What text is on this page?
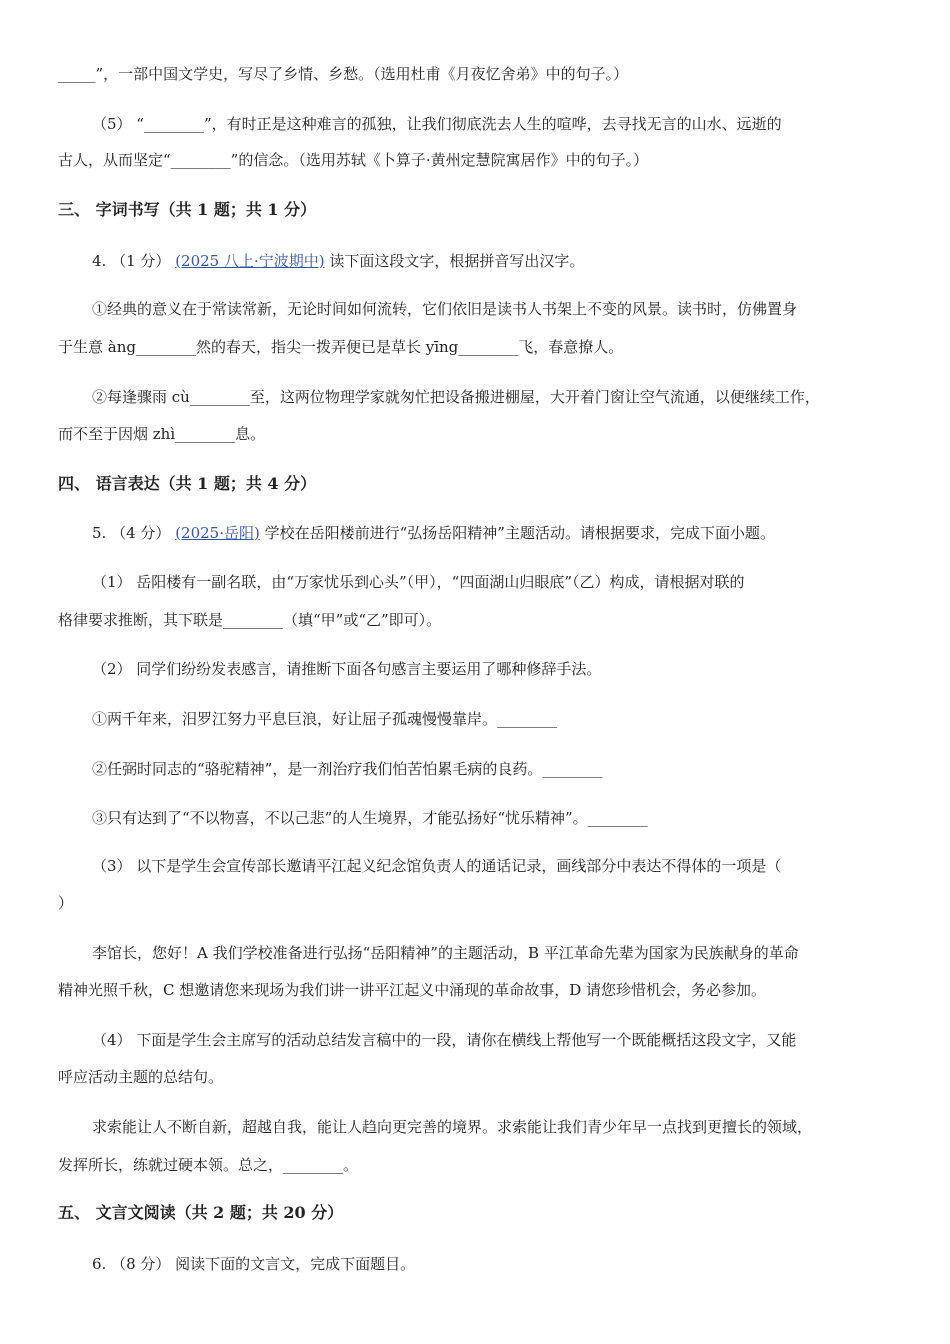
_____”，一部中国文学史，写尽了乡情、乡愁。（选用杜甫《月夜忆舍弟》中的句子。）
（5） “________”，有时正是这种难言的孤独，让我们彻底洗去人生的喧哗，去寻找无言的山水、远逝的
古人，从而坚定“________”的信念。（选用苏轼《卜算子·黄州定慧院寓居作》中的句子。）
三、 字词书写（共 1 题；共 1 分）
4. （1 分） (2025 八上·宁波期中) 读下面这段文字，根据拼音写出汉字。
①经典的意义在于常读常新，无论时间如何流转，它们依旧是读书人书架上不变的风景。读书时，仿佛置身
于生意 àng________然的春天，指尖一拨弄便已是草长 yīng________飞，春意撩人。
②每逢骤雨 cù________至，这两位物理学家就匆忙把设备搬进棚屋，大开着门窗让空气流通，以便继续工作，
而不至于因烟 zhì________息。
四、 语言表达（共 1 题；共 4 分）
5. （4 分） (2025·岳阳) 学校在岳阳楼前进行“弘扬岳阳精神”主题活动。请根据要求，完成下面小题。
（1） 岳阳楼有一副名联，由“万家忧乐到心头”（甲），“四面湖山归眼底”（乙）构成，请根据对联的
格律要求推断，其下联是________（填“甲”或“乙”即可）。
（2） 同学们纷纷发表感言，请推断下面各句感言主要运用了哪种修辞手法。
①两千年来，汨罗江努力平息巨浪，好让屈子孤魂慢慢靠岸。________
②任弼时同志的“骆驼精神”，是一剂治疗我们怕苦怕累毛病的良药。________
③只有达到了“不以物喜，不以己悲”的人生境界，才能弘扬好“忧乐精神”。________
（3） 以下是学生会宣传部长邀请平江起义纪念馆负责人的通话记录，画线部分中表达不得体的一项是（
）
李馆长，您好！A 我们学校准备进行弘扬“岳阳精神”的主题活动，B 平江革命先辈为国家为民族献身的革命
精神光照千秋，C 想邀请您来现场为我们讲一讲平江起义中涌现的革命故事，D 请您珍惜机会，务必参加。
（4） 下面是学生会主席写的活动总结发言稿中的一段，请你在横线上帮他写一个既能概括这段文字，又能
呼应活动主题的总结句。
求索能让人不断自新，超越自我，能让人趋向更完善的境界。求索能让我们青少年早一点找到更擅长的领域，
发挥所长，练就过硬本领。总之，________。
五、 文言文阅读（共 2 题；共 20 分）
6. （8 分） 阅读下面的文言文，完成下面题目。
